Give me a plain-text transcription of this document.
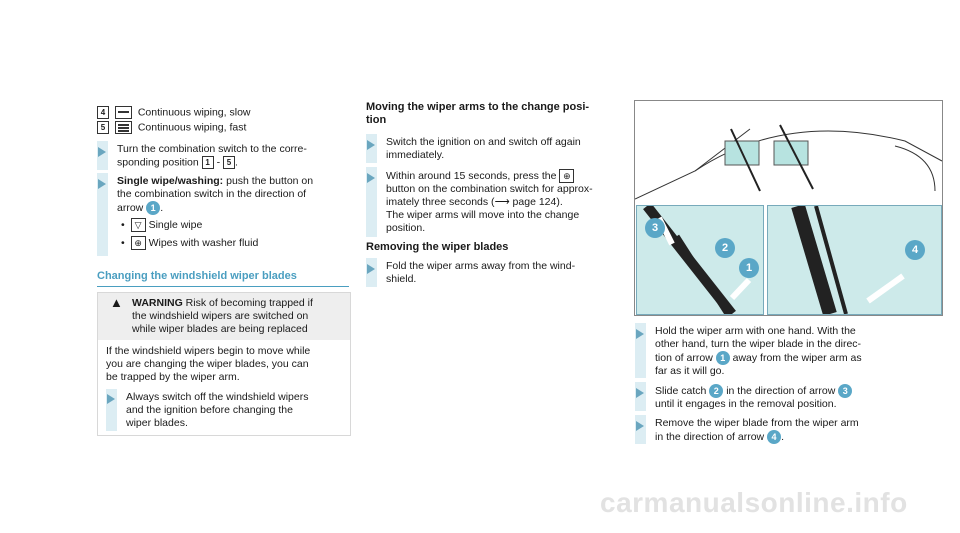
4	Continuous wiping, slow
5	Continuous wiping, fast
Turn the combination switch to the corre-
sponding position 1 - 5 .
Single wipe/washing: push the button on
the combination switch in the direction of
arrow 1 .
• ▽ Single wipe
• ⊕ Wipes with washer fluid
Changing the windshield wiper blades
▲ WARNING Risk of becoming trapped if
the windshield wipers are switched on
while wiper blades are being replaced
If the windshield wipers begin to move while
you are changing the wiper blades, you can
be trapped by the wiper arm.
Always switch off the windshield wipers
and the ignition before changing the
wiper blades.
Moving the wiper arms to the change posi-
tion
Switch the ignition on and switch off again
immediately.
Within around 15 seconds, press the ⊕
button on the combination switch for approx-
imately three seconds (⟶ page 124).
The wiper arms will move into the change
position.
Removing the wiper blades
Fold the wiper arms away from the wind-
shield.
3
2
1
4
Hold the wiper arm with one hand. With the
other hand, turn the wiper blade in the direc-
tion of arrow 1 away from the wiper arm as
far as it will go.
Slide catch 2 in the direction of arrow 3
until it engages in the removal position.
Remove the wiper blade from the wiper arm
in the direction of arrow 4 .
carmanualsonline.info
